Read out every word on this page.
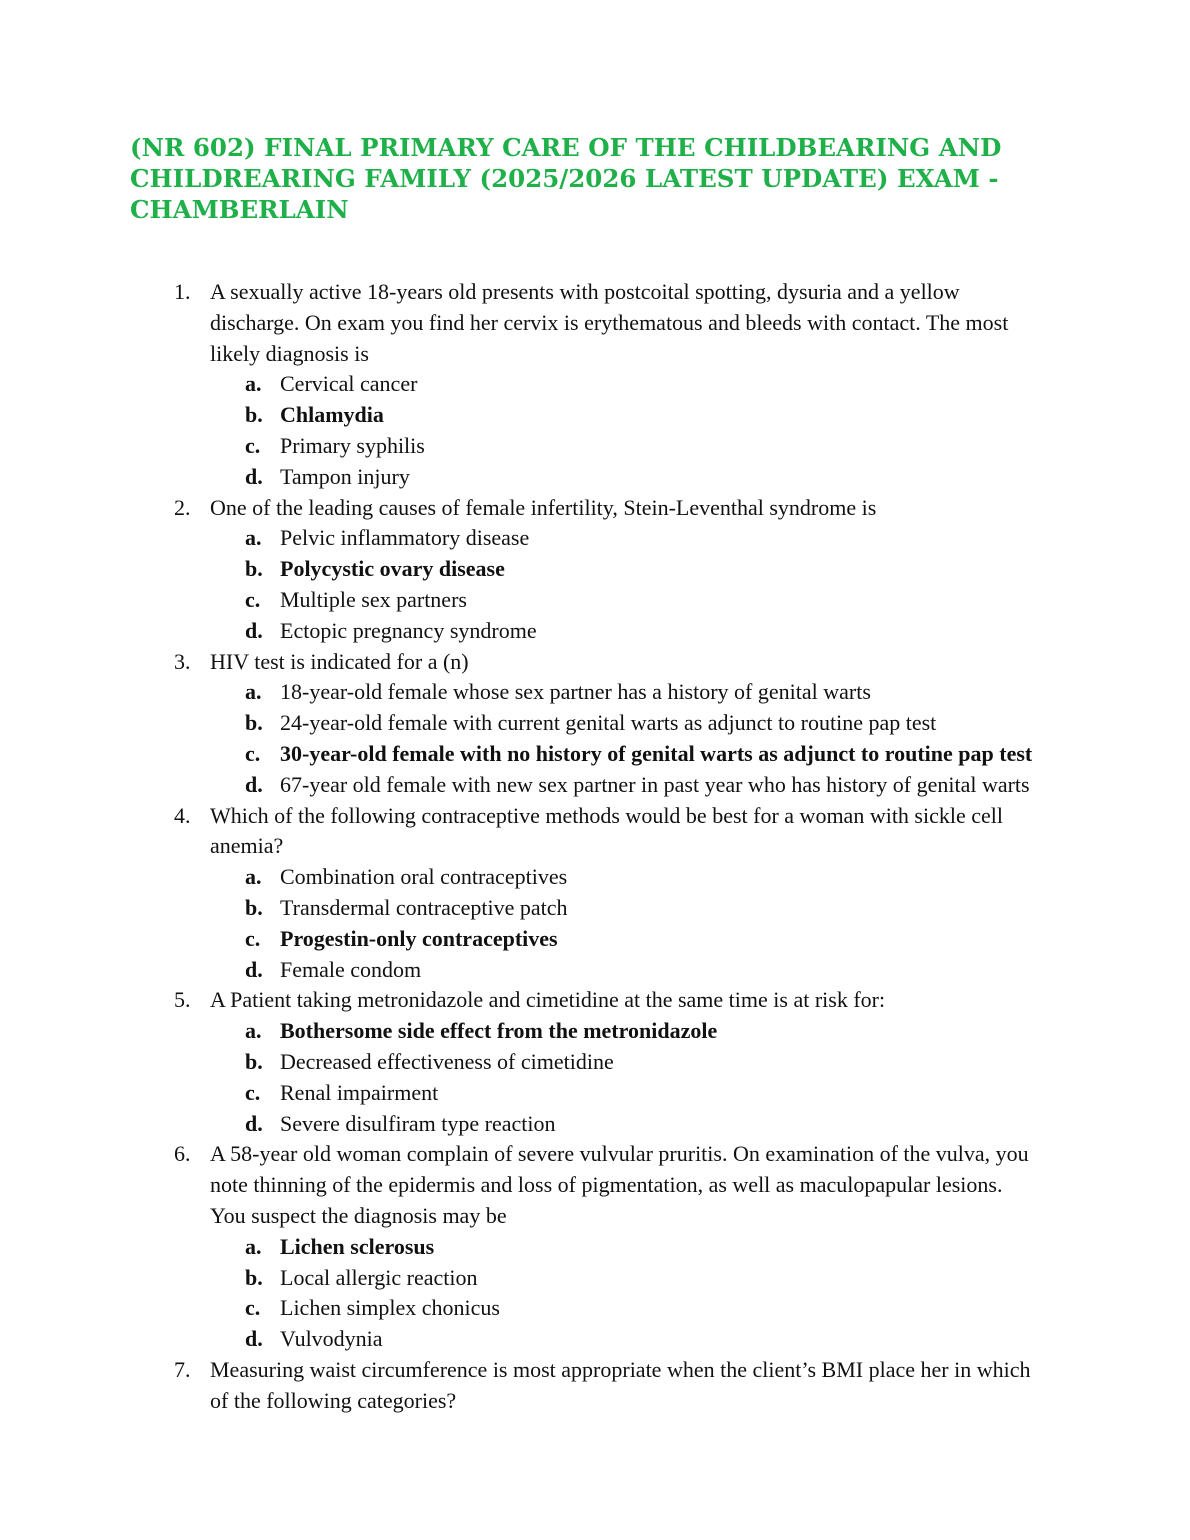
(NR 602) FINAL PRIMARY CARE OF THE CHILDBEARING AND
CHILDREARING FAMILY (2025/2026 LATEST UPDATE) EXAM -
CHAMBERLAIN
1. A sexually active 18-years old presents with postcoital spotting, dysuria and a yellow discharge. On exam you find her cervix is erythematous and bleeds with contact. The most likely diagnosis is
a. Cervical cancer
b. Chlamydia
c. Primary syphilis
d. Tampon injury
2. One of the leading causes of female infertility, Stein-Leventhal syndrome is
a. Pelvic inflammatory disease
b. Polycystic ovary disease
c. Multiple sex partners
d. Ectopic pregnancy syndrome
3. HIV test is indicated for a (n)
a. 18-year-old female whose sex partner has a history of genital warts
b. 24-year-old female with current genital warts as adjunct to routine pap test
c. 30-year-old female with no history of genital warts as adjunct to routine pap test
d. 67-year old female with new sex partner in past year who has history of genital warts
4. Which of the following contraceptive methods would be best for a woman with sickle cell anemia?
a. Combination oral contraceptives
b. Transdermal contraceptive patch
c. Progestin-only contraceptives
d. Female condom
5. A Patient taking metronidazole and cimetidine at the same time is at risk for:
a. Bothersome side effect from the metronidazole
b. Decreased effectiveness of cimetidine
c. Renal impairment
d. Severe disulfiram type reaction
6. A 58-year old woman complain of severe vulvular pruritis. On examination of the vulva, you note thinning of the epidermis and loss of pigmentation, as well as maculopapular lesions. You suspect the diagnosis may be
a. Lichen sclerosus
b. Local allergic reaction
c. Lichen simplex chonicus
d. Vulvodynia
7. Measuring waist circumference is most appropriate when the client’s BMI place her in which of the following categories?
